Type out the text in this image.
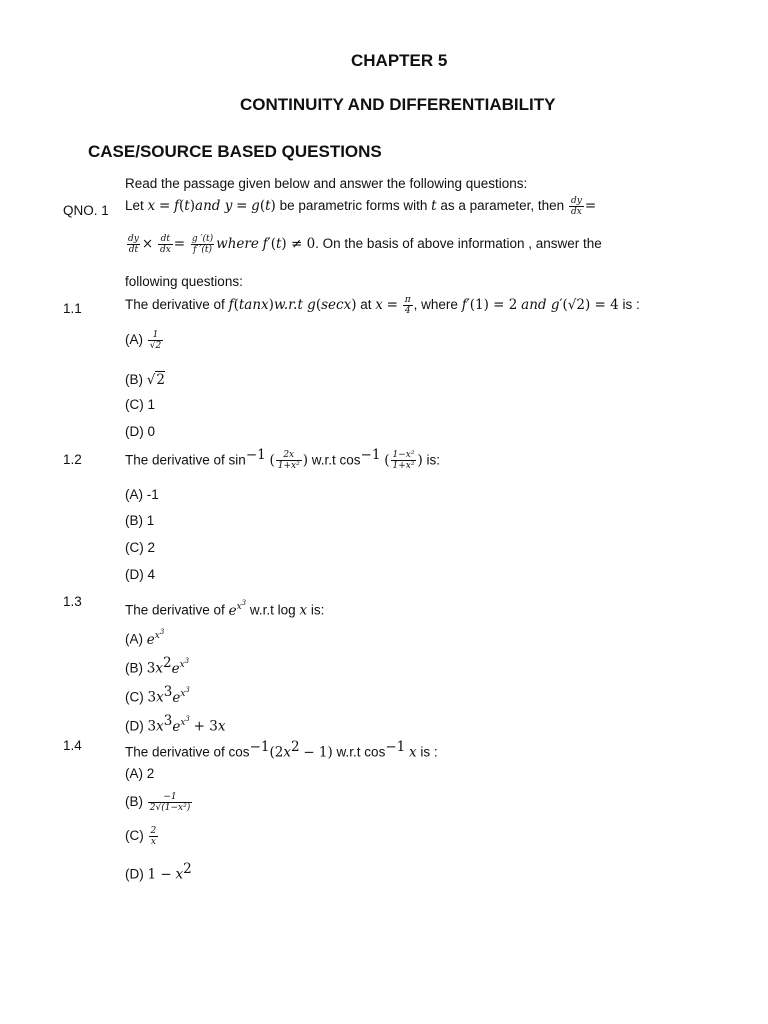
CHAPTER 5
CONTINUITY AND DIFFERENTIABILITY
CASE/SOURCE BASED QUESTIONS
Read the passage given below and answer the following questions:
QNO. 1 Let x = f(t)and y = g(t) be parametric forms with t as a parameter, then $\frac{dy}{dx}$ =
$\frac{dy}{dt} \times \frac{dt}{dx} = \frac{g '(t)}{f '(t)}$ where f′(t) ≠ 0. On the basis of above information , answer the
following questions:
1.1	The derivative of f(tanx)w.r.t g(secx) at $x = \frac{\pi}{4}$ , where f′(1) = 2 and g′(√2) = 4 is :
$(A) \frac{1}{√2}$
(B) √2
(C) 1
(D) 0
1.2	The derivative of $\sin^{-1}$ ( $\frac{2x}{\text{1+x²}}$ ) w.r.t $\cos^{-1}$ ( $\frac{\text{1−x²}}{\text{1+x²}}$ ) is:
(A) -1
(B) 1
(C) 2
(D) 4
1.3
The derivative of $e^{x^3}$ w.r.t log x is:
(A) $e^{x^3}$
(B) $3x^2e^{x^3}$
(C) $3x^3e^{x^3}$
(D) $3x^3e^{x^3} + 3x$
1.4	The derivative of $\cos^{-1}(2x^2 - 1)$ w.r.t $\cos^{-1} x$ is :
(A) 2
$(B) \frac{-1}{\text{2√(1−x²)}}$
$(C) \frac{2}{x}$
(D) $1 - x^2$
